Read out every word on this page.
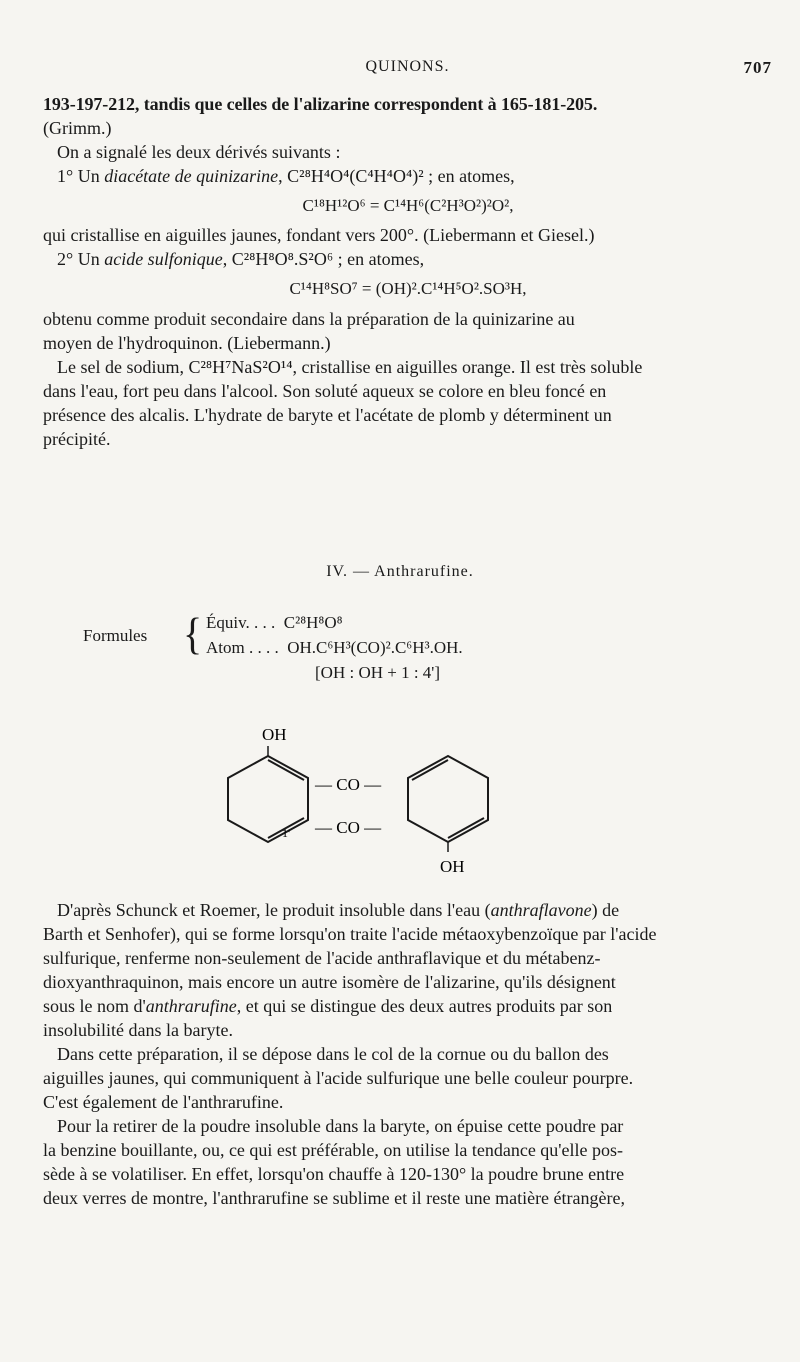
QUINONS.	707

193-197-212, tandis que celles de l'alizarine correspondent à 165-181-205.

(Grimm.)

On a signalé les deux dérivés suivants :

1° Un diacétate de quinizarine, C²⁸H⁴O⁴(C⁴H⁴O⁴)² ; en atomes,

C¹⁸H¹²O⁶ = C¹⁴H⁶(C²H³O²)²O²,

qui cristallise en aiguilles jaunes, fondant vers 200°. (Liebermann et Giesel.)

2° Un acide sulfonique, C²⁸H⁸O⁸.S²O⁶ ; en atomes,

C¹⁴H⁸SO⁷ = (OH)².C¹⁴H⁵O².SO³H,

obtenu comme produit secondaire dans la préparation de la quinizarine au

moyen de l'hydroquinon. (Liebermann.)

Le sel de sodium, C²⁸H⁷NaS²O¹⁴, cristallise en aiguilles orange. Il est très soluble

dans l'eau, fort peu dans l'alcool. Son soluté aqueux se colore en bleu foncé en

présence des alcalis. L'hydrate de baryte et l'acétate de plomb y déterminent un

précipité.

IV. — Anthrarufine.
Formules { Équiv. . . . C²⁸H⁸O⁸
Atom . . . . OH.C⁶H³(CO)².C⁶H³.OH.
[OH : OH + 1 : 4']
OH
— CO —
— CO —
1'
OH

D'après Schunck et Roemer, le produit insoluble dans l'eau (anthraflavone) de

Barth et Senhofer), qui se forme lorsqu'on traite l'acide métaoxybenzoïque par l'acide

sulfurique, renferme non-seulement de l'acide anthraflavique et du métabenz-

dioxyanthraquinon, mais encore un autre isomère de l'alizarine, qu'ils désignent

sous le nom d'anthrarufine, et qui se distingue des deux autres produits par son

insolubilité dans la baryte.

Dans cette préparation, il se dépose dans le col de la cornue ou du ballon des

aiguilles jaunes, qui communiquent à l'acide sulfurique une belle couleur pourpre.

C'est également de l'anthrarufine.

Pour la retirer de la poudre insoluble dans la baryte, on épuise cette poudre par

la benzine bouillante, ou, ce qui est préférable, on utilise la tendance qu'elle pos-

sède à se volatiliser. En effet, lorsqu'on chauffe à 120-130° la poudre brune entre

deux verres de montre, l'anthrarufine se sublime et il reste une matière étrangère,
